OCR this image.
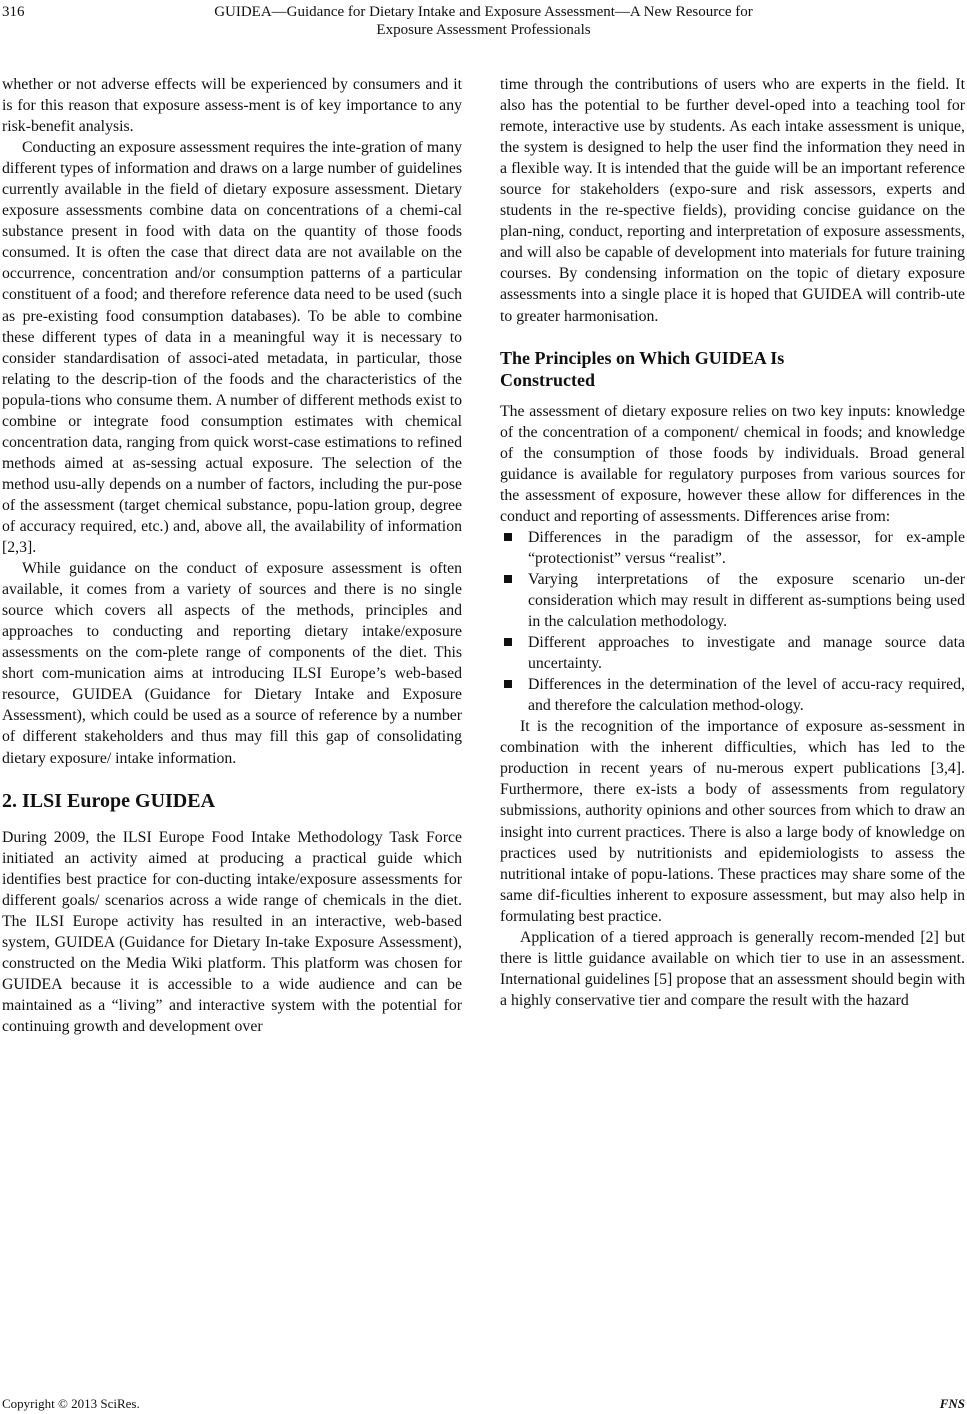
316	GUIDEA—Guidance for Dietary Intake and Exposure Assessment—A New Resource for
Exposure Assessment Professionals

whether or not adverse effects will be experienced by consumers and it is for this reason that exposure assess-ment is of key importance to any risk-benefit analysis.

Conducting an exposure assessment requires the inte-gration of many different types of information and draws on a large number of guidelines currently available in the field of dietary exposure assessment. Dietary exposure assessments combine data on concentrations of a chemi-cal substance present in food with data on the quantity of those foods consumed. It is often the case that direct data are not available on the occurrence, concentration and/or consumption patterns of a particular constituent of a food; and therefore reference data need to be used (such as pre-existing food consumption databases). To be able to combine these different types of data in a meaningful way it is necessary to consider standardisation of associ-ated metadata, in particular, those relating to the descrip-tion of the foods and the characteristics of the popula-tions who consume them. A number of different methods exist to combine or integrate food consumption estimates with chemical concentration data, ranging from quick worst-case estimations to refined methods aimed at as-sessing actual exposure. The selection of the method usu-ally depends on a number of factors, including the pur-pose of the assessment (target chemical substance, popu-lation group, degree of accuracy required, etc.) and, above all, the availability of information [2,3].

While guidance on the conduct of exposure assessment is often available, it comes from a variety of sources and there is no single source which covers all aspects of the methods, principles and approaches to conducting and reporting dietary intake/exposure assessments on the com-plete range of components of the diet. This short com-munication aims at introducing ILSI Europe’s web-based resource, GUIDEA (Guidance for Dietary Intake and Exposure Assessment), which could be used as a source of reference by a number of different stakeholders and thus may fill this gap of consolidating dietary exposure/ intake information.

2. ILSI Europe GUIDEA

During 2009, the ILSI Europe Food Intake Methodology Task Force initiated an activity aimed at producing a practical guide which identifies best practice for con-ducting intake/exposure assessments for different goals/ scenarios across a wide range of chemicals in the diet. The ILSI Europe activity has resulted in an interactive, web-based system, GUIDEA (Guidance for Dietary In-take Exposure Assessment), constructed on the Media Wiki platform. This platform was chosen for GUIDEA because it is accessible to a wide audience and can be maintained as a “living” and interactive system with the potential for continuing growth and development over

time through the contributions of users who are experts in the field. It also has the potential to be further devel-oped into a teaching tool for remote, interactive use by students. As each intake assessment is unique, the system is designed to help the user find the information they need in a flexible way. It is intended that the guide will be an important reference source for stakeholders (expo-sure and risk assessors, experts and students in the re-spective fields), providing concise guidance on the plan-ning, conduct, reporting and interpretation of exposure assessments, and will also be capable of development into materials for future training courses. By condensing information on the topic of dietary exposure assessments into a single place it is hoped that GUIDEA will contrib-ute to greater harmonisation.

The Principles on Which GUIDEA Is
Constructed

The assessment of dietary exposure relies on two key inputs: knowledge of the concentration of a component/ chemical in foods; and knowledge of the consumption of those foods by individuals. Broad general guidance is available for regulatory purposes from various sources for the assessment of exposure, however these allow for differences in the conduct and reporting of assessments. Differences arise from:

Differences in the paradigm of the assessor, for ex-ample “protectionist” versus “realist”.
Varying interpretations of the exposure scenario un-der consideration which may result in different as-sumptions being used in the calculation methodology.
Different approaches to investigate and manage source data uncertainty.
Differences in the determination of the level of accu-racy required, and therefore the calculation method-ology.

It is the recognition of the importance of exposure as-sessment in combination with the inherent difficulties, which has led to the production in recent years of nu-merous expert publications [3,4]. Furthermore, there ex-ists a body of assessments from regulatory submissions, authority opinions and other sources from which to draw an insight into current practices. There is also a large body of knowledge on practices used by nutritionists and epidemiologists to assess the nutritional intake of popu-lations. These practices may share some of the same dif-ficulties inherent to exposure assessment, but may also help in formulating best practice.

Application of a tiered approach is generally recom-mended [2] but there is little guidance available on which tier to use in an assessment. International guidelines [5] propose that an assessment should begin with a highly conservative tier and compare the result with the hazard

Copyright © 2013 SciRes.	FNS
